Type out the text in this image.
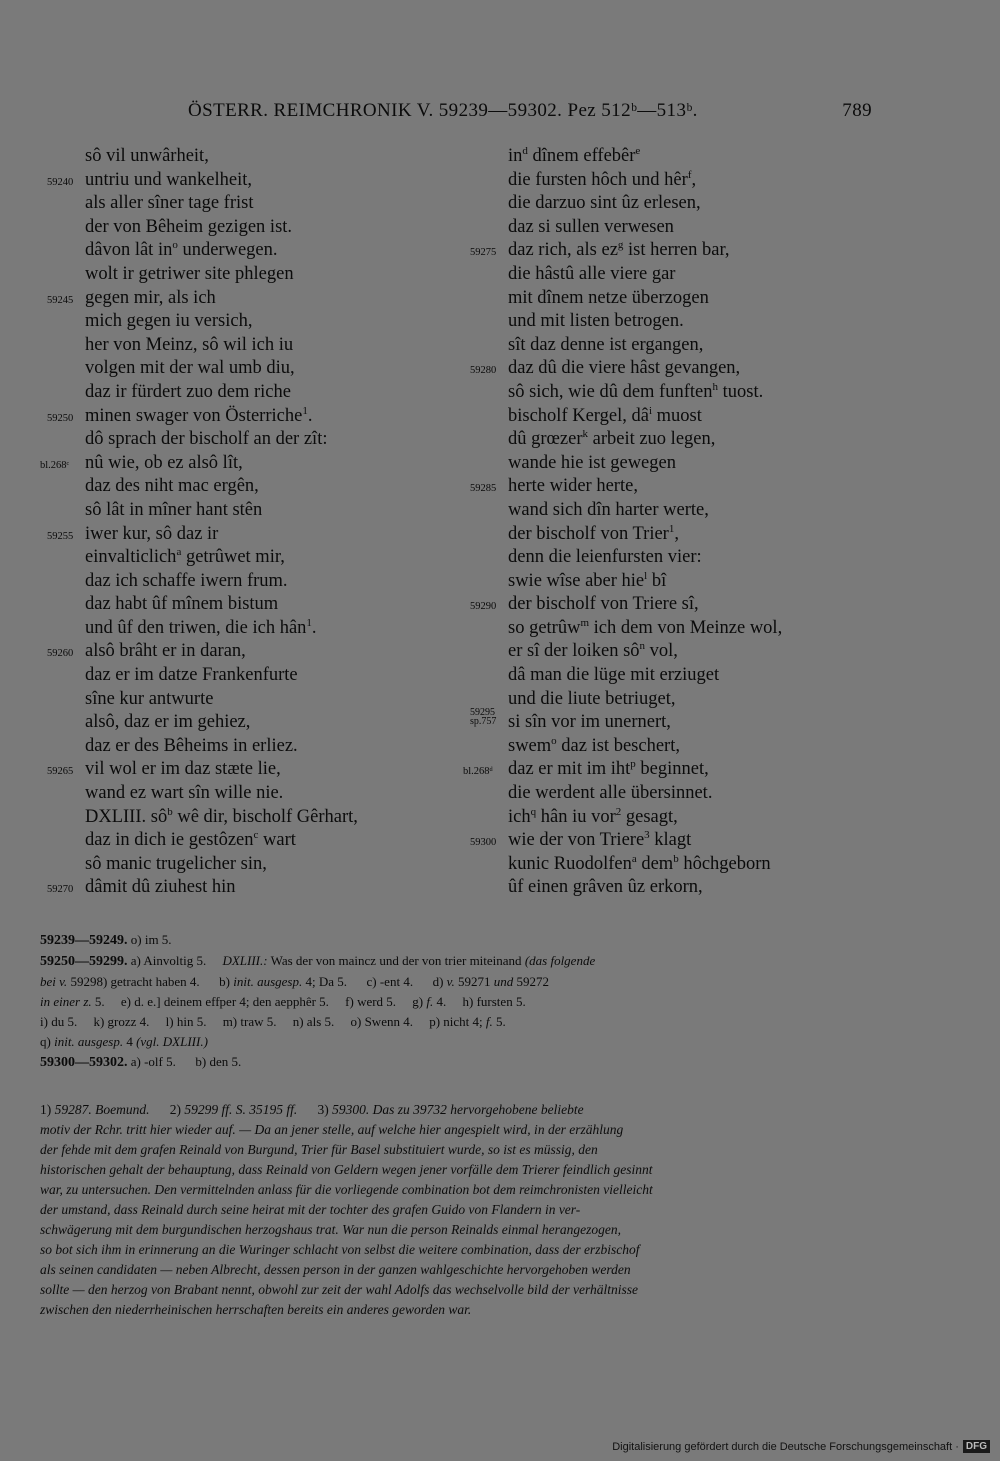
ÖSTERR. REIMCHRONIK V. 59239—59302. Pez 512ᵇ—513ᵇ.	789
sô vil unwârheit,
59240 untriu und wankelheit,
als aller sîner tage frist
der von Bêheim gezigen ist.
dâvon lât $in^o$ underwegen.
wolt ir getriwer site phlegen
59245 gegen mir, als ich
mich gegen iu versich,
her von Meinz, sô wil ich iu
volgen mit der wal umb diu,
daz ir fürdert zuo dem riche
59250 minen swager von Österriche$^1$.
dô sprach der bischolf an der zît:
bl.268ᶜ nû wie, ob ez alsô lît,
daz des niht mac ergên,
sô lât in mîner hant stên
59255 iwer kur, sô daz ir
einvalticlich$^a$ getrûwet mir,
daz ich schaffe iwern frum.
daz habt ûf mînem bistum
und ûf den triwen, die ich hân$^1$.
59260 alsô brâht er in daran,
daz er im datze Frankenfurte
sîne kur antwurte
alsô, daz er im gehiez,
daz er des Bêheims in erliez.
59265 vil wol er im daz stæte lie,
wand ez wart sîn wille nie.
DXLIII. $sô^b$ wê dir, bischolf Gêrhart,
daz in dich ie gestôzen$^c$ wart
sô manic trugelicher sin,
59270 dâmit dû ziuhest hin
$in^d$ dînem effebêr$^e$
die fursten hôch und hêr$^f$,
die darzuo sint ûz erlesen,
daz si sullen verwesen
59275 daz rich, als $ez^g$ ist herren bar,
die hâstû alle viere gar
mit dînem netze überzogen
und mit listen betrogen.
sît daz denne ist ergangen,
59280 daz dû die viere hâst gevangen,
sô sich, wie dû dem funften$^h$ tuost.
bischolf Kergel, $dâ^i$ muost
dû grœzer$^k$ arbeit zuo legen,
wande hie ist gewegen
59285 herte wider herte,
wand sich dîn harter werte,
der bischolf von Trier$^1$,
denn die leienfursten vier:
swie wîse aber hie$^l$ bî
59290 der bischolf von Triere sî,
so getrûw$^m$ ich dem von Meinze wol,
er sî der loiken $sô^n$ vol,
dâ man die lüge mit erziuget
und die liute betriuget,
59295
sp.757 si sîn vor im unernert,
swem$^o$ daz ist beschert,
bl.268ᵈ daz er mit im iht$^p$ beginnet,
die werdent alle übersinnet.
ich$^q$ hân iu vor$^2$ gesagt,
59300 wie der von Triere$^3$ klagt
kunic Ruodolfen$^a$ dem$^b$ hôchgeborn
ûf einen grâven ûz erkorn,
59239—59249. o) im 5.
59250—59299. a) Ainvoltig 5.     DXLIII.: Was der von maincz und der von trier miteinand (das folgende
bei v. 59298) getracht haben 4.      b) init. ausgesp. 4; Da 5.      c) -ent 4.      d) v. 59271 und 59272
in einer z. 5.     e) d. e.] deinem effper 4; den aepphêr 5.     f) werd 5.     g) f. 4.     h) fursten 5.
i) du 5.     k) grozz 4.     l) hin 5.     m) traw 5.     n) als 5.     o) Swenn 4.     p) nicht 4; f. 5.
q) init. ausgesp. 4 (vgl. DXLIII.)
59300—59302. a) -olf 5.      b) den 5.
1) 59287. Boemund.      2) 59299 ff. S. 35195 ff.      3) 59300. Das zu 39732 hervorgehobene beliebte
motiv der Rchr. tritt hier wieder auf. — Da an jener stelle, auf welche hier angespielt wird, in der erzählung
der fehde mit dem grafen Reinald von Burgund, Trier für Basel substituiert wurde, so ist es müssig, den
historischen gehalt der behauptung, dass Reinald von Geldern wegen jener vorfälle dem Trierer feindlich gesinnt
war, zu untersuchen. Den vermittelnden anlass für die vorliegende combination bot dem reimchronisten vielleicht
der umstand, dass Reinald durch seine heirat mit der tochter des grafen Guido von Flandern in ver-
schwägerung mit dem burgundischen herzogshaus trat. War nun die person Reinalds einmal herangezogen,
so bot sich ihm in erinnerung an die Wuringer schlacht von selbst die weitere combination, dass der erzbischof
als seinen candidaten — neben Albrecht, dessen person in der ganzen wahlgeschichte hervorgehoben werden
sollte — den herzog von Brabant nennt, obwohl zur zeit der wahl Adolfs das wechselvolle bild der verhältnisse
zwischen den niederrheinischen herrschaften bereits ein anderes geworden war.
Digitalisierung gefördert durch die Deutsche Forschungsgemeinschaft · DFG
